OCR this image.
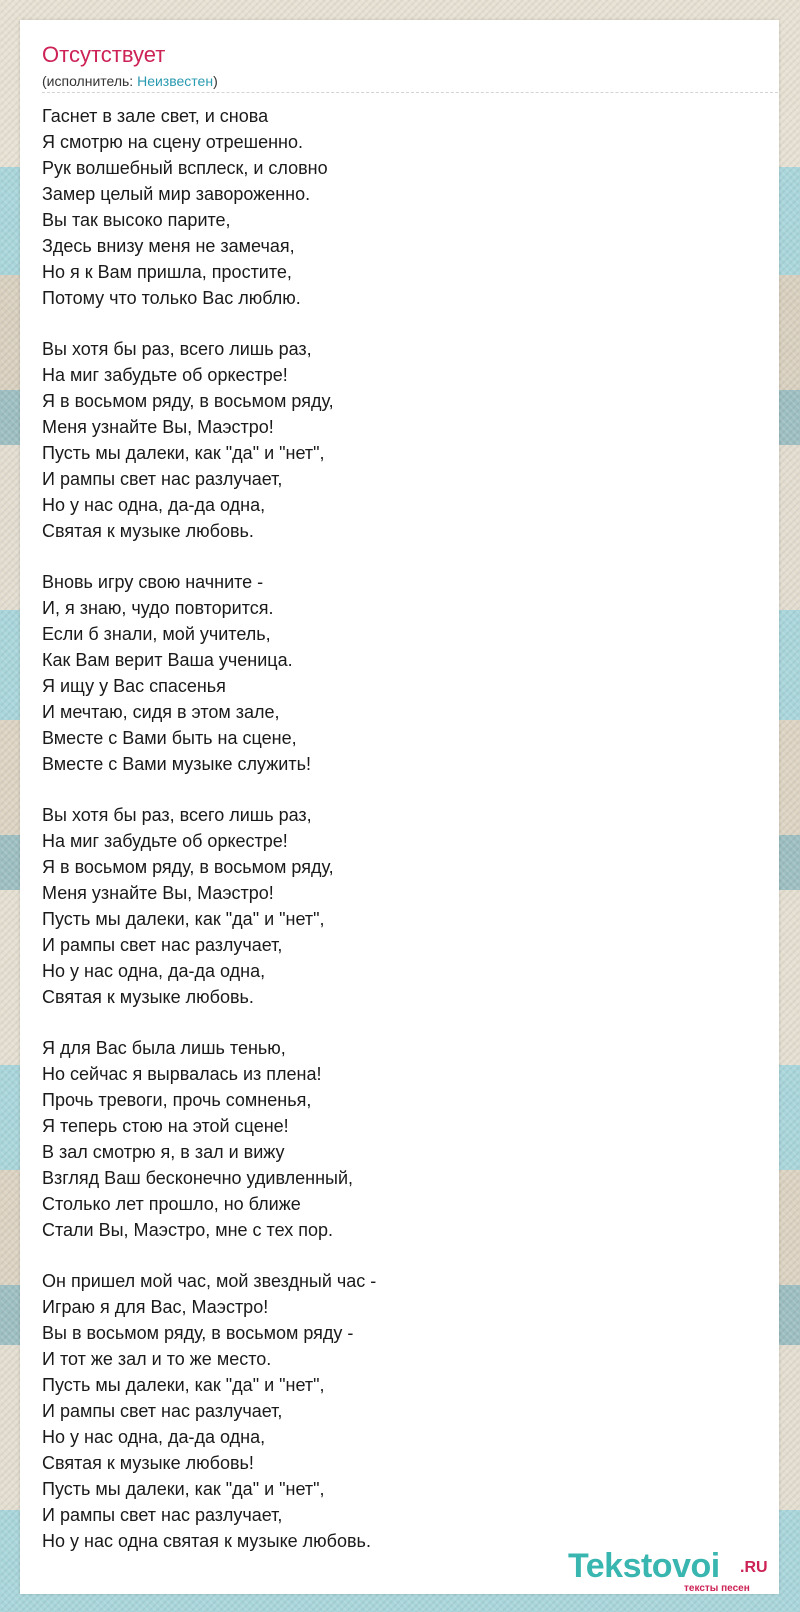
Отсутствует
(исполнитель: Неизвестен)
Гаснет в зале свет, и снова
Я смотрю на сцену отрешенно.
Рук волшебный всплеск, и словно
Замер целый мир завороженно.
Вы так высоко парите,
Здесь внизу меня не замечая,
Но я к Вам пришла, простите,
Потому что только Вас люблю.
Вы хотя бы раз, всего лишь раз,
На миг забудьте об оркестре!
Я в восьмом ряду, в восьмом ряду,
Меня узнайте Вы, Маэстро!
Пусть мы далеки, как "да" и "нет",
И рампы свет нас разлучает,
Но у нас одна, да-да одна,
Святая к музыке любовь.
Вновь игру свою начните -
И, я знаю, чудо повторится.
Если б знали, мой учитель,
Как Вам верит Ваша ученица.
Я ищу у Вас спасенья
И мечтаю, сидя в этом зале,
Вместе с Вами быть на сцене,
Вместе с Вами музыке служить!
Вы хотя бы раз, всего лишь раз,
На миг забудьте об оркестре!
Я в восьмом ряду, в восьмом ряду,
Меня узнайте Вы, Маэстро!
Пусть мы далеки, как "да" и "нет",
И рампы свет нас разлучает,
Но у нас одна, да-да одна,
Святая к музыке любовь.
Я для Вас была лишь тенью,
Но сейчас я вырвалась из плена!
Прочь тревоги, прочь сомненья,
Я теперь стою на этой сцене!
В зал смотрю я, в зал и вижу
Взгляд Ваш бесконечно удивленный,
Столько лет прошло, но ближе
Стали Вы, Маэстро, мне с тех пор.
Он пришел мой час, мой звездный час -
Играю я для Вас, Маэстро!
Вы в восьмом ряду, в восьмом ряду -
И тот же зал и то же место.
Пусть мы далеки, как "да" и "нет",
И рампы свет нас разлучает,
Но у нас одна, да-да одна,
Святая к музыке любовь!
Пусть мы далеки, как "да" и "нет",
И рампы свет нас разлучает,
Но у нас одна святая к музыке любовь.
Tekstovoi .RU
тексты песен
